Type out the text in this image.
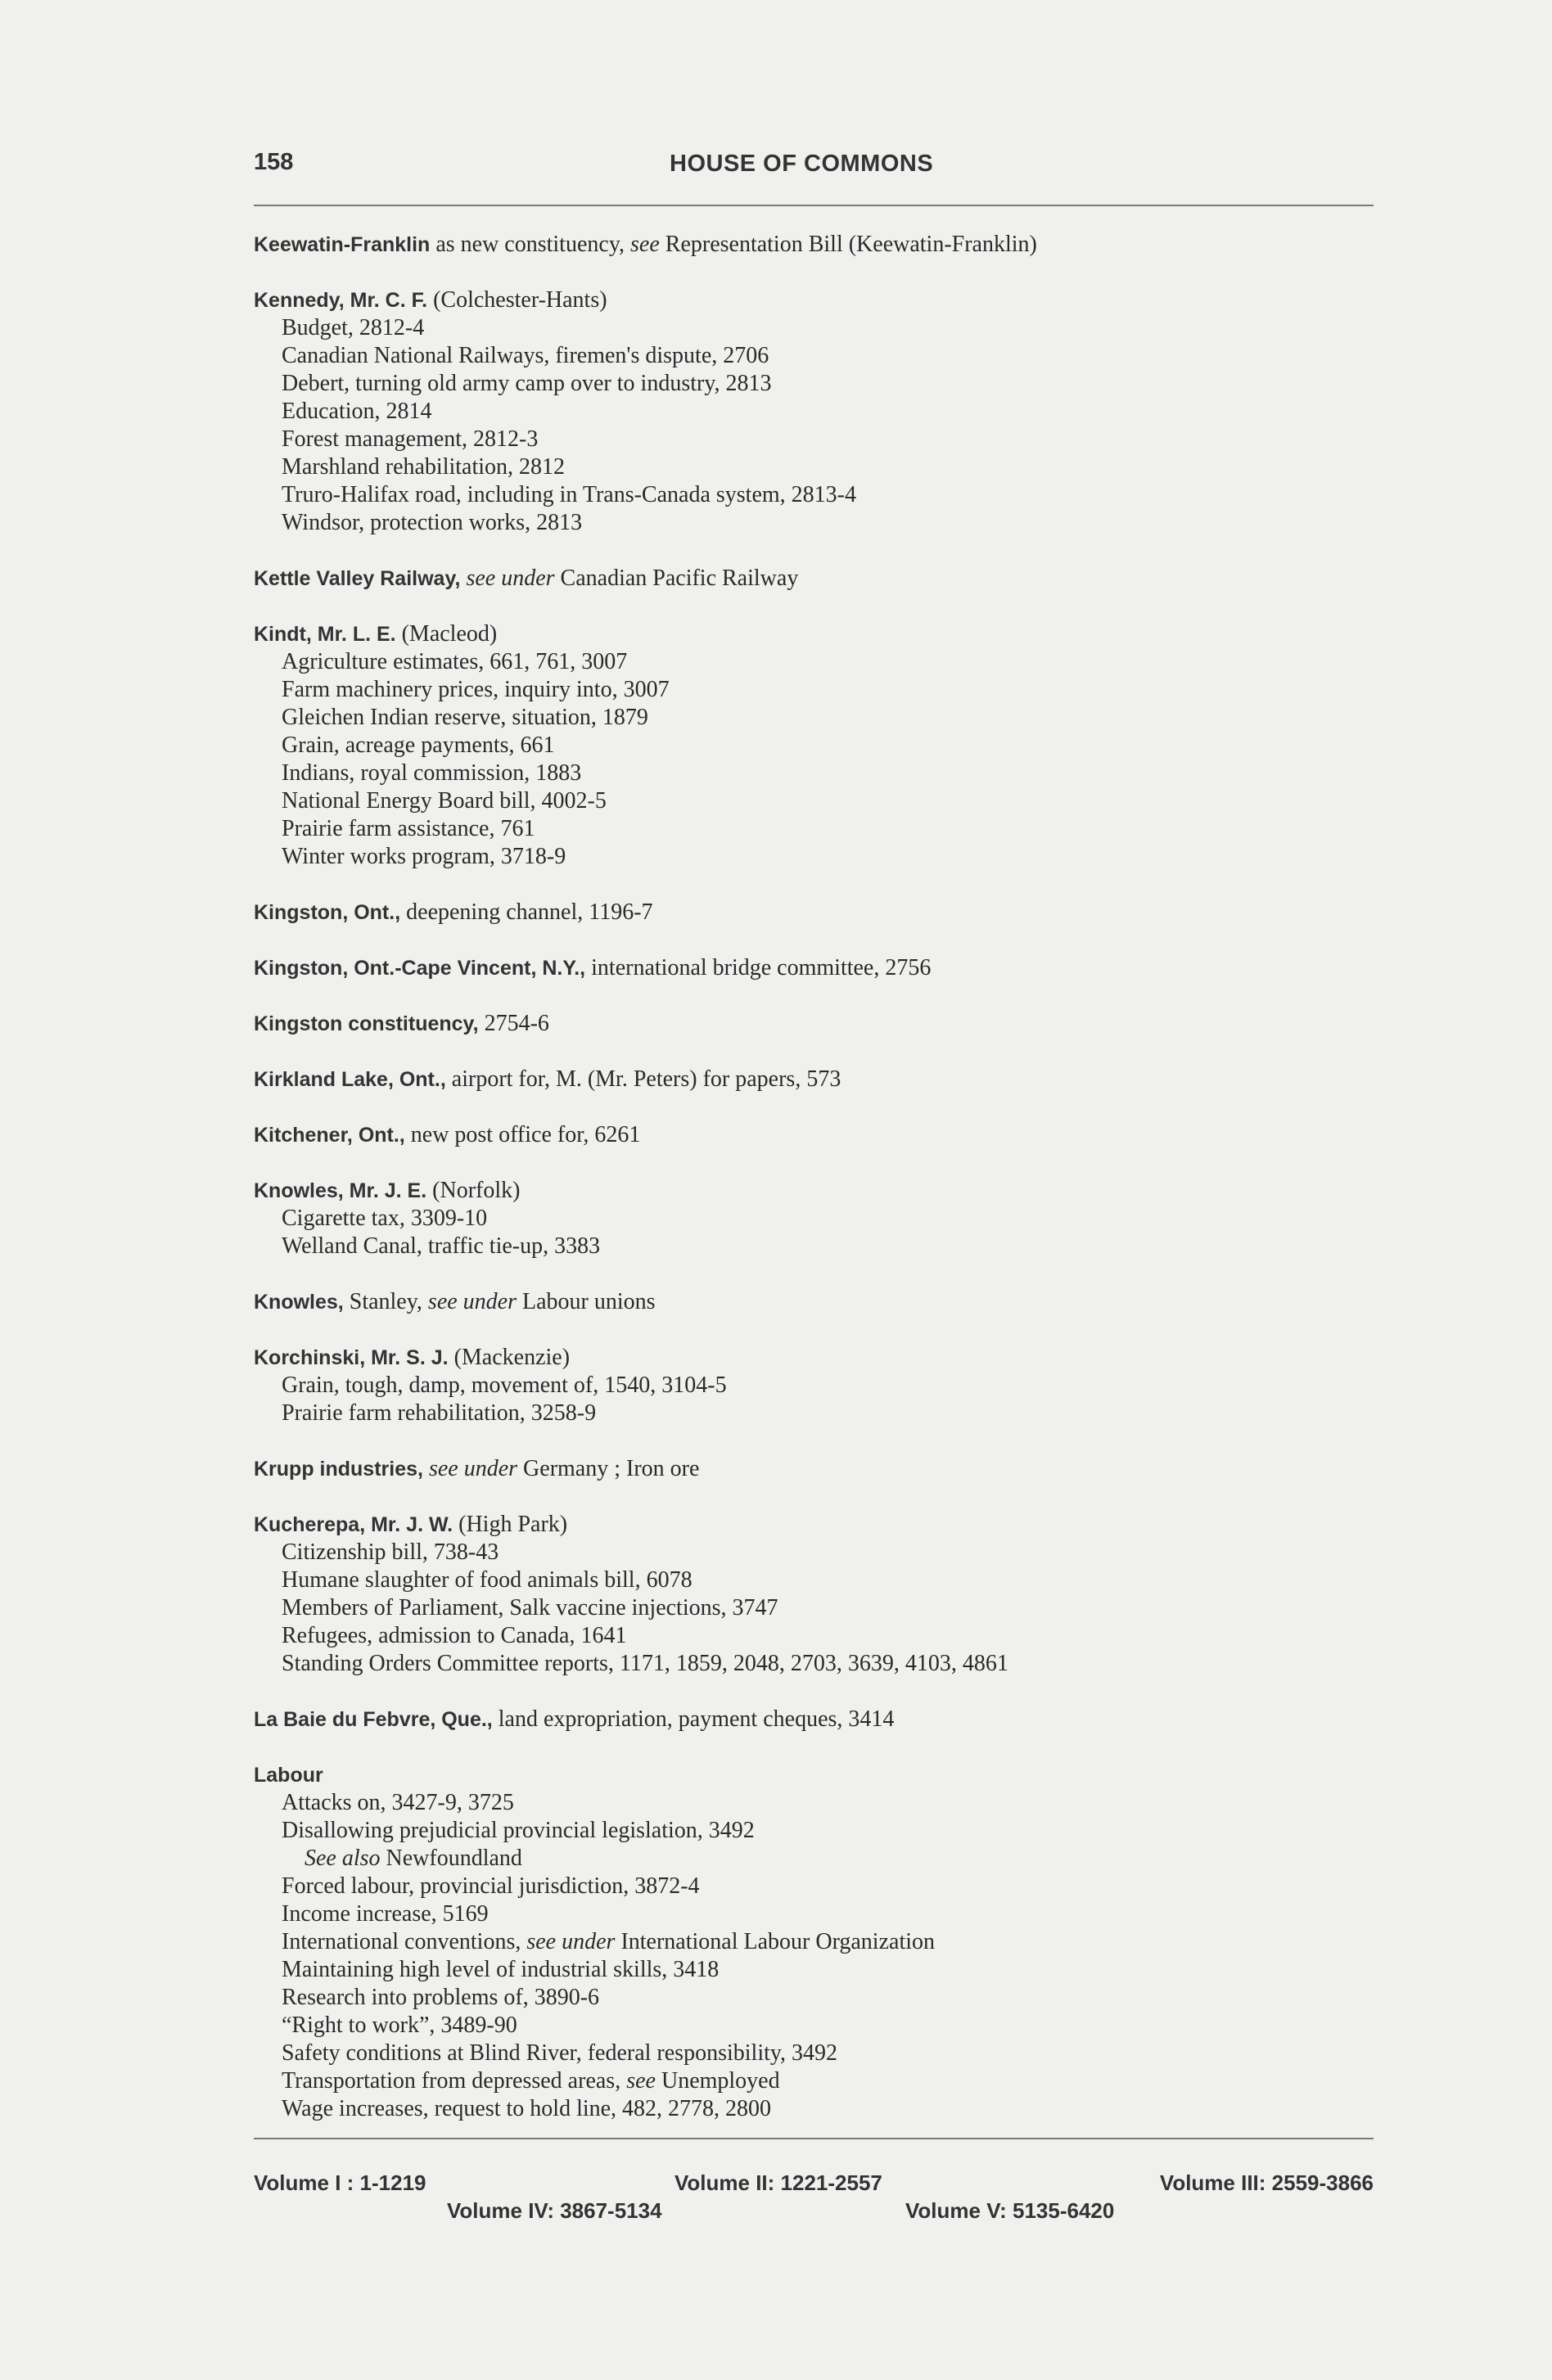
158	HOUSE OF COMMONS
Keewatin-Franklin as new constituency, see Representation Bill (Keewatin-Franklin)
Kennedy, Mr. C. F. (Colchester-Hants)
Budget, 2812-4
Canadian National Railways, firemen's dispute, 2706
Debert, turning old army camp over to industry, 2813
Education, 2814
Forest management, 2812-3
Marshland rehabilitation, 2812
Truro-Halifax road, including in Trans-Canada system, 2813-4
Windsor, protection works, 2813
Kettle Valley Railway, see under Canadian Pacific Railway
Kindt, Mr. L. E. (Macleod)
Agriculture estimates, 661, 761, 3007
Farm machinery prices, inquiry into, 3007
Gleichen Indian reserve, situation, 1879
Grain, acreage payments, 661
Indians, royal commission, 1883
National Energy Board bill, 4002-5
Prairie farm assistance, 761
Winter works program, 3718-9
Kingston, Ont., deepening channel, 1196-7
Kingston, Ont.-Cape Vincent, N.Y., international bridge committee, 2756
Kingston constituency, 2754-6
Kirkland Lake, Ont., airport for, M. (Mr. Peters) for papers, 573
Kitchener, Ont., new post office for, 6261
Knowles, Mr. J. E. (Norfolk)
Cigarette tax, 3309-10
Welland Canal, traffic tie-up, 3383
Knowles, Stanley, see under Labour unions
Korchinski, Mr. S. J. (Mackenzie)
Grain, tough, damp, movement of, 1540, 3104-5
Prairie farm rehabilitation, 3258-9
Krupp industries, see under Germany ; Iron ore
Kucherepa, Mr. J. W. (High Park)
Citizenship bill, 738-43
Humane slaughter of food animals bill, 6078
Members of Parliament, Salk vaccine injections, 3747
Refugees, admission to Canada, 1641
Standing Orders Committee reports, 1171, 1859, 2048, 2703, 3639, 4103, 4861
La Baie du Febvre, Que., land expropriation, payment cheques, 3414
Labour
Attacks on, 3427-9, 3725
Disallowing prejudicial provincial legislation, 3492
See also Newfoundland
Forced labour, provincial jurisdiction, 3872-4
Income increase, 5169
International conventions, see under International Labour Organization
Maintaining high level of industrial skills, 3418
Research into problems of, 3890-6
“Right to work”, 3489-90
Safety conditions at Blind River, federal responsibility, 3492
Transportation from depressed areas, see Unemployed
Wage increases, request to hold line, 482, 2778, 2800
Volume I : 1-1219	Volume II: 1221-2557	Volume III: 2559-3866
Volume IV: 3867-5134	Volume V: 5135-6420
